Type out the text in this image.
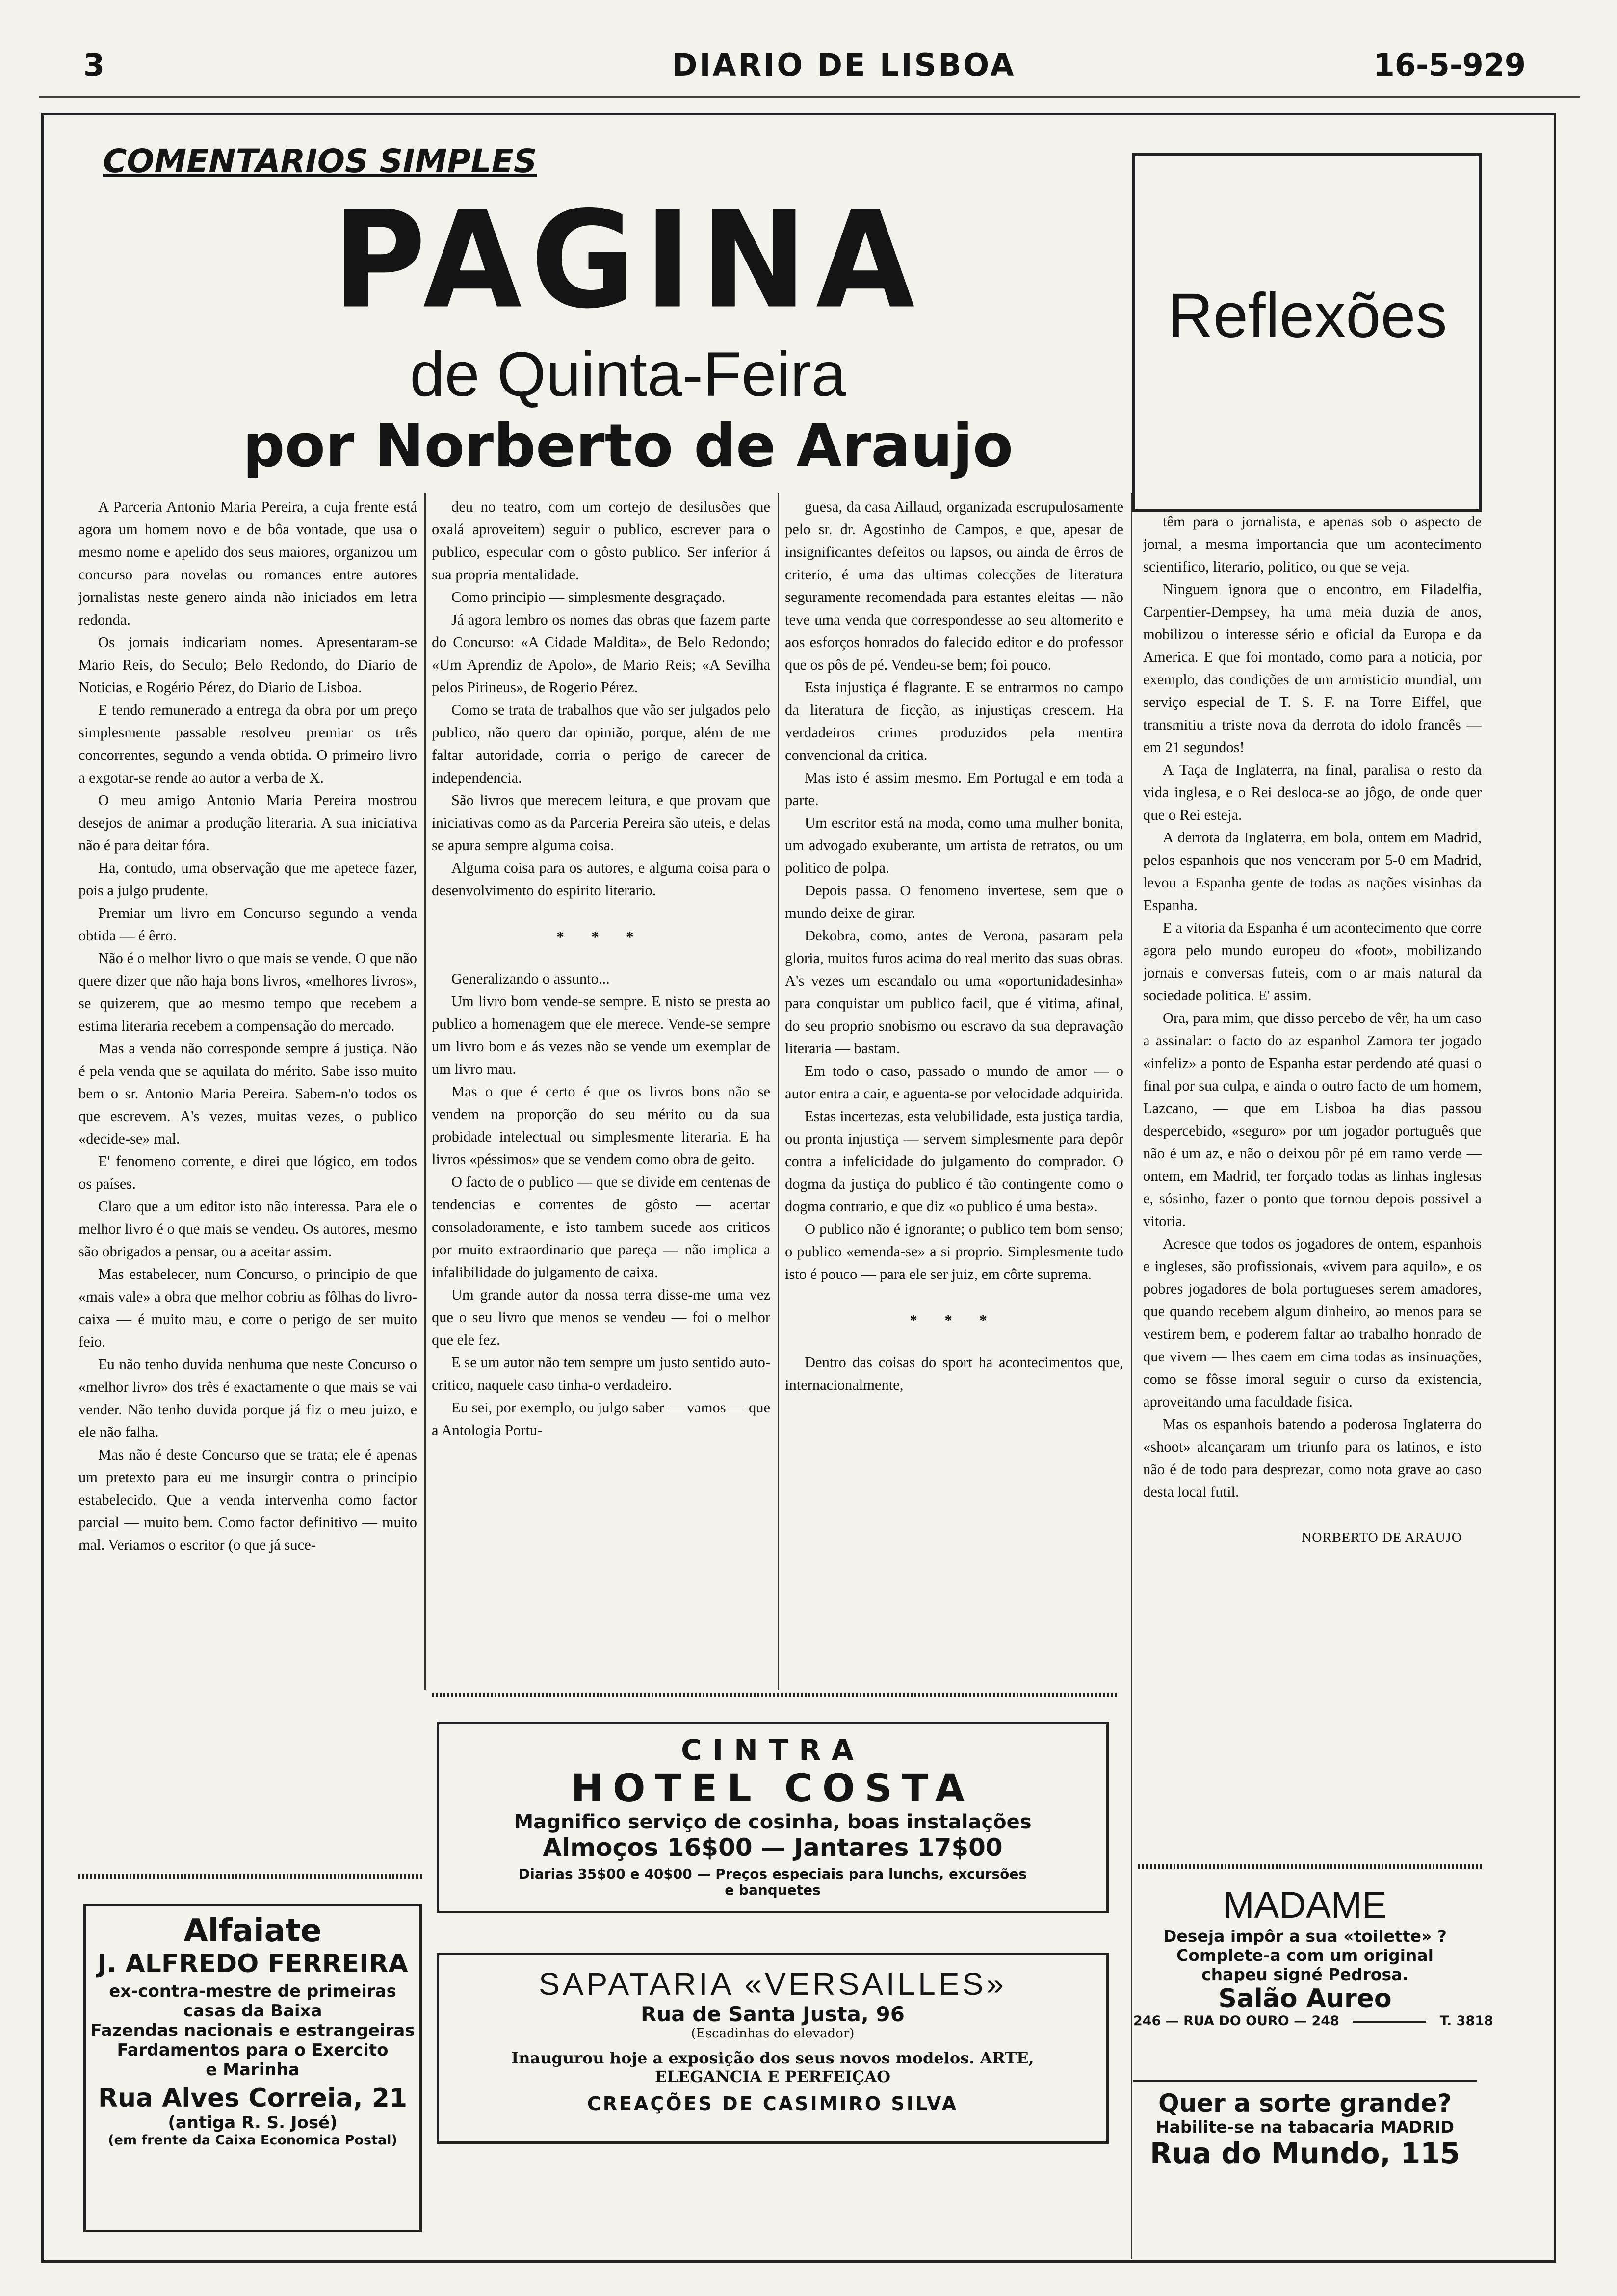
3	DIARIO DE LISBOA	16-5-929
COMENTARIOS SIMPLES
PAGINA
de Quinta-Feira
por Norberto de Araujo
Reflexões

A Parceria Antonio Maria Pereira, a cuja frente está agora um homem novo e de bôa vontade, que usa o mesmo nome e apelido dos seus maiores, organizou um concurso para novelas ou romances entre autores jornalistas neste genero ainda não iniciados em letra redonda.

Os jornais indicariam nomes. Apresentaram-se Mario Reis, do Seculo; Belo Redondo, do Diario de Noticias, e Rogério Pérez, do Diario de Lisboa.

E tendo remunerado a entrega da obra por um preço simplesmente passable resolveu premiar os três concorrentes, segundo a venda obtida. O primeiro livro a exgotar-se rende ao autor a verba de X.

O meu amigo Antonio Maria Pereira mostrou desejos de animar a produção literaria. A sua iniciativa não é para deitar fóra.

Ha, contudo, uma observação que me apetece fazer, pois a julgo prudente.

Premiar um livro em Concurso segundo a venda obtida — é êrro.

Não é o melhor livro o que mais se vende. O que não quere dizer que não haja bons livros, «melhores livros», se quizerem, que ao mesmo tempo que recebem a estima literaria recebem a compensação do mercado.

Mas a venda não corresponde sempre á justiça. Não é pela venda que se aquilata do mérito. Sabe isso muito bem o sr. Antonio Maria Pereira. Sabem-n'o todos os que escrevem. A's vezes, muitas vezes, o publico «decide-se» mal.

E' fenomeno corrente, e direi que lógico, em todos os países.

Claro que a um editor isto não interessa. Para ele o melhor livro é o que mais se vendeu. Os autores, mesmo são obrigados a pensar, ou a aceitar assim.

Mas estabelecer, num Concurso, o principio de que «mais vale» a obra que melhor cobriu as fôlhas do livro-caixa — é muito mau, e corre o perigo de ser muito feio.

Eu não tenho duvida nenhuma que neste Concurso o «melhor livro» dos três é exactamente o que mais se vai vender. Não tenho duvida porque já fiz o meu juizo, e ele não falha.

Mas não é deste Concurso que se trata; ele é apenas um pretexto para eu me insurgir contra o principio estabelecido. Que a venda intervenha como factor parcial — muito bem. Como factor definitivo — muito mal. Veriamos o escritor (o que já suce-

deu no teatro, com um cortejo de desilusões que oxalá aproveitem) seguir o publico, escrever para o publico, especular com o gôsto publico. Ser inferior á sua propria mentalidade.

Como principio — simplesmente desgraçado.

Já agora lembro os nomes das obras que fazem parte do Concurso: «A Cidade Maldita», de Belo Redondo; «Um Aprendiz de Apolo», de Mario Reis; «A Sevilha pelos Pirineus», de Rogerio Pérez.

Como se trata de trabalhos que vão ser julgados pelo publico, não quero dar opinião, porque, além de me faltar autoridade, corria o perigo de carecer de independencia.

São livros que merecem leitura, e que provam que iniciativas como as da Parceria Pereira são uteis, e delas se apura sempre alguma coisa.

Alguma coisa para os autores, e alguma coisa para o desenvolvimento do espirito literario.

* * *

Generalizando o assunto...

Um livro bom vende-se sempre. E nisto se presta ao publico a homenagem que ele merece. Vende-se sempre um livro bom e ás vezes não se vende um exemplar de um livro mau.

Mas o que é certo é que os livros bons não se vendem na proporção do seu mérito ou da sua probidade intelectual ou simplesmente literaria. E ha livros «péssimos» que se vendem como obra de geito.

O facto de o publico — que se divide em centenas de tendencias e correntes de gôsto — acertar consoladoramente, e isto tambem sucede aos criticos por muito extraordinario que pareça — não implica a infalibilidade do julgamento de caixa.

Um grande autor da nossa terra disse-me uma vez que o seu livro que menos se vendeu — foi o melhor que ele fez.

E se um autor não tem sempre um justo sentido auto-critico, naquele caso tinha-o verdadeiro.

Eu sei, por exemplo, ou julgo saber — vamos — que a Antologia Portu-

guesa, da casa Aillaud, organizada escrupulosamente pelo sr. dr. Agostinho de Campos, e que, apesar de insignificantes defeitos ou lapsos, ou ainda de êrros de criterio, é uma das ultimas colecções de literatura seguramente recomendada para estantes eleitas — não teve uma venda que correspondesse ao seu altomerito e aos esforços honrados do falecido editor e do professor que os pôs de pé. Vendeu-se bem; foi pouco.

Esta injustiça é flagrante. E se entrarmos no campo da literatura de ficção, as injustiças crescem. Ha verdadeiros crimes produzidos pela mentira convencional da critica.

Mas isto é assim mesmo. Em Portugal e em toda a parte.

Um escritor está na moda, como uma mulher bonita, um advogado exuberante, um artista de retratos, ou um politico de polpa.

Depois passa. O fenomeno invertese, sem que o mundo deixe de girar.

Dekobra, como, antes de Verona, pasaram pela gloria, muitos furos acima do real merito das suas obras. A's vezes um escandalo ou uma «oportunidadesinha» para conquistar um publico facil, que é vitima, afinal, do seu proprio snobismo ou escravo da sua depravação literaria — bastam.

Em todo o caso, passado o mundo de amor — o autor entra a cair, e aguenta-se por velocidade adquirida.

Estas incertezas, esta velubilidade, esta justiça tardia, ou pronta injustiça — servem simplesmente para depôr contra a infelicidade do julgamento do comprador. O dogma da justiça do publico é tão contingente como o dogma contrario, e que diz «o publico é uma besta».

O publico não é ignorante; o publico tem bom senso; o publico «emenda-se» a si proprio. Simplesmente tudo isto é pouco — para ele ser juiz, em côrte suprema.

* * *

Dentro das coisas do sport ha acontecimentos que, internacionalmente,

têm para o jornalista, e apenas sob o aspecto de jornal, a mesma importancia que um acontecimento scientifico, literario, politico, ou que se veja.

Ninguem ignora que o encontro, em Filadelfia, Carpentier-Dempsey, ha uma meia duzia de anos, mobilizou o interesse sério e oficial da Europa e da America. E que foi montado, como para a noticia, por exemplo, das condições de um armisticio mundial, um serviço especial de T. S. F. na Torre Eiffel, que transmitiu a triste nova da derrota do idolo francês — em 21 segundos!

A Taça de Inglaterra, na final, paralisa o resto da vida inglesa, e o Rei desloca-se ao jôgo, de onde quer que o Rei esteja.

A derrota da Inglaterra, em bola, ontem em Madrid, pelos espanhois que nos venceram por 5-0 em Madrid, levou a Espanha gente de todas as nações visinhas da Espanha.

E a vitoria da Espanha é um acontecimento que corre agora pelo mundo europeu do «foot», mobilizando jornais e conversas futeis, com o ar mais natural da sociedade politica. E' assim.

Ora, para mim, que disso percebo de vêr, ha um caso a assinalar: o facto do az espanhol Zamora ter jogado «infeliz» a ponto de Espanha estar perdendo até quasi o final por sua culpa, e ainda o outro facto de um homem, Lazcano, — que em Lisboa ha dias passou despercebido, «seguro» por um jogador português que não é um az, e não o deixou pôr pé em ramo verde — ontem, em Madrid, ter forçado todas as linhas inglesas e, sósinho, fazer o ponto que tornou depois possivel a vitoria.

Acresce que todos os jogadores de ontem, espanhois e ingleses, são profissionais, «vivem para aquilo», e os pobres jogadores de bola portugueses serem amadores, que quando recebem algum dinheiro, ao menos para se vestirem bem, e poderem faltar ao trabalho honrado de que vivem — lhes caem em cima todas as insinuações, como se fôsse imoral seguir o curso da existencia, aproveitando uma faculdade fisica.

Mas os espanhois batendo a poderosa Inglaterra do «shoot» alcançaram um triunfo para os latinos, e isto não é de todo para desprezar, como nota grave ao caso desta local futil.

NORBERTO DE ARAUJO

CINTRA
HOTEL COSTA
Magnifico serviço de cosinha, boas instalações
Almoços 16$00 — Jantares 17$00
Diarias 35$00 e 40$00 — Preços especiais para lunchs, excursões
e banquetes
Alfaiate
J. ALFREDO FERREIRA
ex-contra-mestre de primeiras
casas da Baixa
Fazendas nacionais e estrangeiras
Fardamentos para o Exercito
e Marinha
Rua Alves Correia, 21
(antiga R. S. José)
(em frente da Caixa Economica Postal)
SAPATARIA «VERSAILLES»
Rua de Santa Justa, 96
(Escadinhas do elevador)
Inaugurou hoje a exposição dos seus novos modelos. ARTE,
ELEGANCIA E PERFEIÇAO
CREAÇÕES DE CASIMIRO SILVA
MADAME
Deseja impôr a sua «toilette» ?
Complete-a com um original
chapeu signé Pedrosa.
Salão Aureo
246 — RUA DO OURO — 248	T. 3818
Quer a sorte grande?
Habilite-se na tabacaria MADRID
Rua do Mundo, 115
